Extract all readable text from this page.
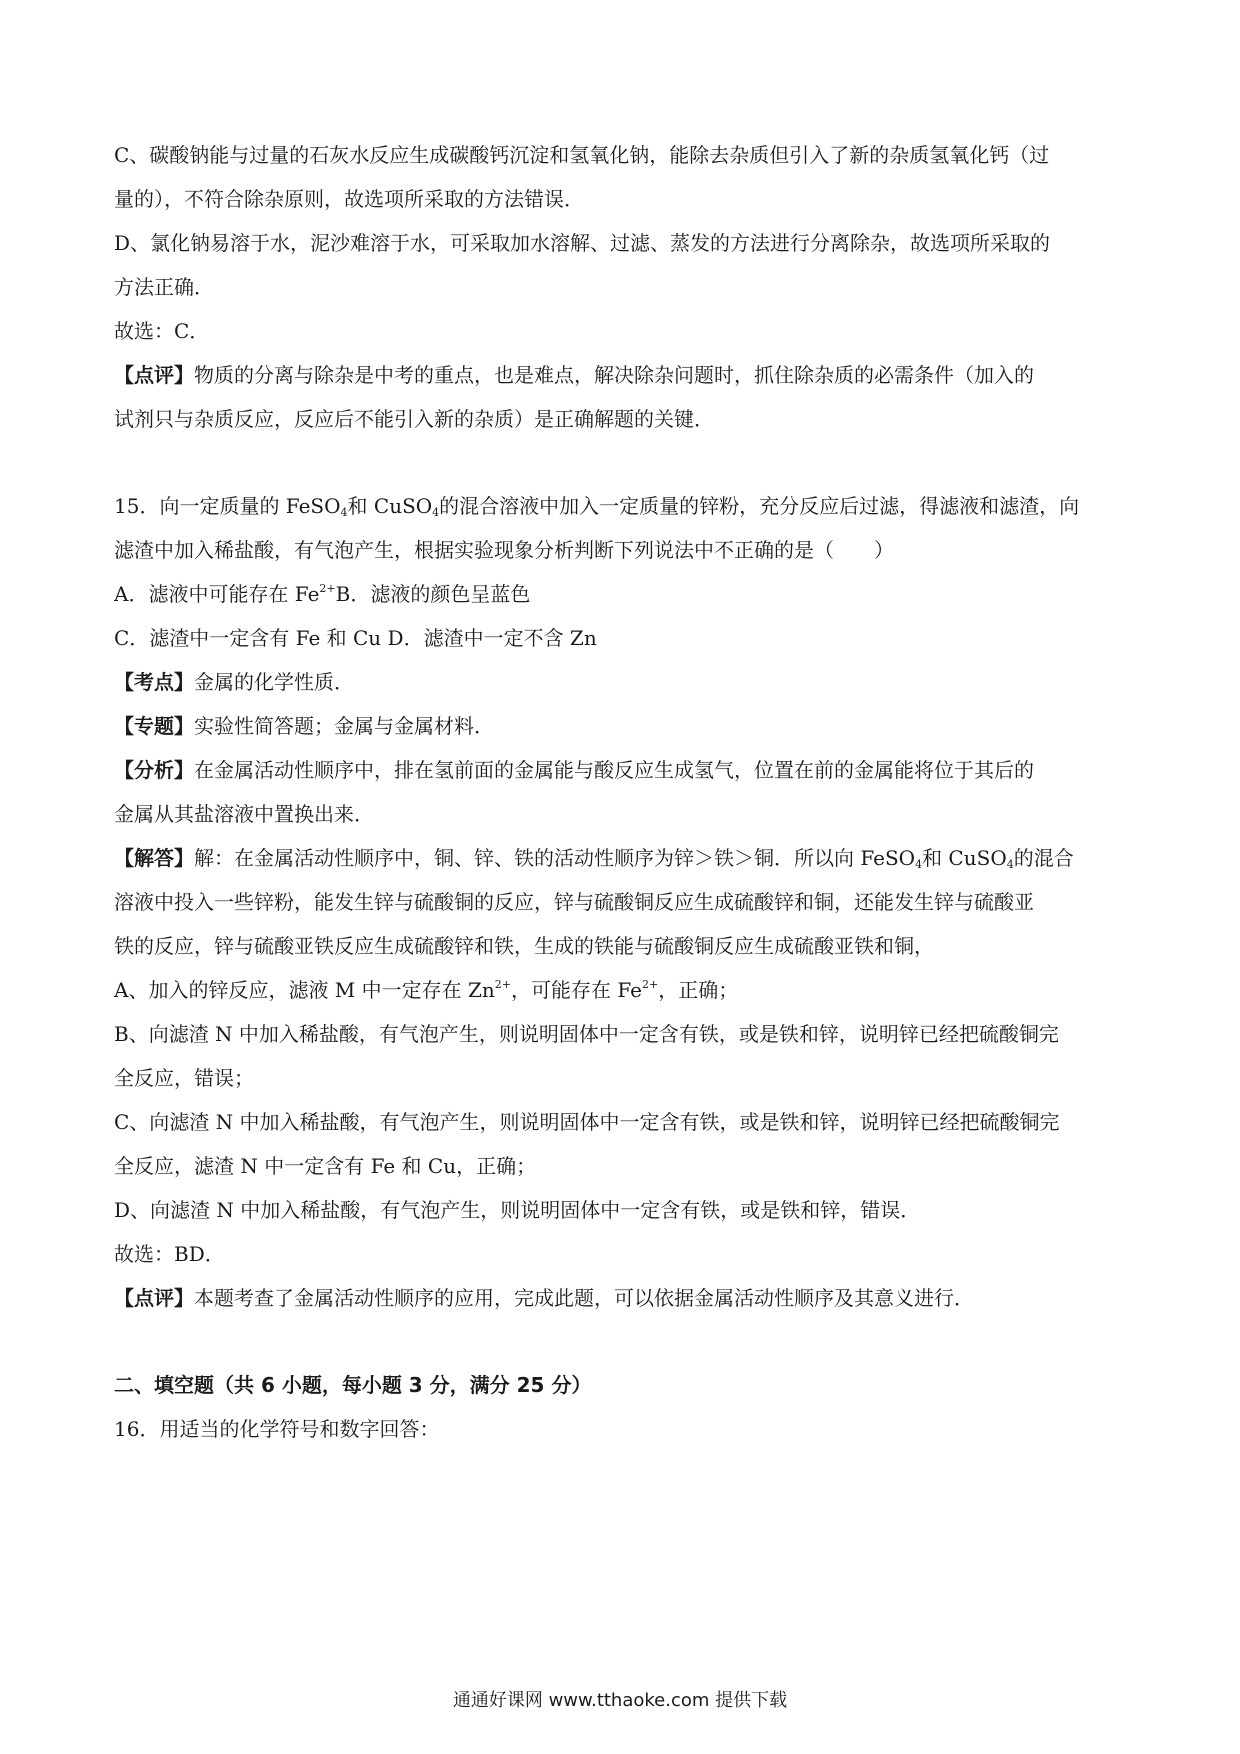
C、碳酸钠能与过量的石灰水反应生成碳酸钙沉淀和氢氧化钠，能除去杂质但引入了新的杂质氢氧化钙（过
量的），不符合除杂原则，故选项所采取的方法错误．
D、氯化钠易溶于水，泥沙难溶于水，可采取加水溶解、过滤、蒸发的方法进行分离除杂，故选项所采取的
方法正确．
故选：C．
【点评】物质的分离与除杂是中考的重点，也是难点，解决除杂问题时，抓住除杂质的必需条件（加入的
试剂只与杂质反应，反应后不能引入新的杂质）是正确解题的关键．
15．向一定质量的 FeSO$_4$和 CuSO$_4$的混合溶液中加入一定质量的锌粉，充分反应后过滤，得滤液和滤渣，向
滤渣中加入稀盐酸，有气泡产生，根据实验现象分析判断下列说法中不正确的是（　　）
A．滤液中可能存在 $Fe^{2+}B$．滤液的颜色呈蓝色
C．滤渣中一定含有 Fe 和 Cu D．滤渣中一定不含 Zn
【考点】金属的化学性质．
【专题】实验性简答题；金属与金属材料．
【分析】在金属活动性顺序中，排在氢前面的金属能与酸反应生成氢气，位置在前的金属能将位于其后的
金属从其盐溶液中置换出来．
【解答】解：在金属活动性顺序中，铜、锌、铁的活动性顺序为锌＞铁＞铜．所以向 FeSO$_4$和 CuSO$_4$的混合
溶液中投入一些锌粉，能发生锌与硫酸铜的反应，锌与硫酸铜反应生成硫酸锌和铜，还能发生锌与硫酸亚
铁的反应，锌与硫酸亚铁反应生成硫酸锌和铁，生成的铁能与硫酸铜反应生成硫酸亚铁和铜，
A、加入的锌反应，滤液 M 中一定存在 $Zn^{2+}$，可能存在 $Fe^{2+}$，正确；
B、向滤渣 N 中加入稀盐酸，有气泡产生，则说明固体中一定含有铁，或是铁和锌，说明锌已经把硫酸铜完
全反应，错误；
C、向滤渣 N 中加入稀盐酸，有气泡产生，则说明固体中一定含有铁，或是铁和锌，说明锌已经把硫酸铜完
全反应，滤渣 N 中一定含有 Fe 和 Cu，正确；
D、向滤渣 N 中加入稀盐酸，有气泡产生，则说明固体中一定含有铁，或是铁和锌，错误．
故选：BD．
【点评】本题考查了金属活动性顺序的应用，完成此题，可以依据金属活动性顺序及其意义进行．
二、填空题（共 6 小题，每小题 3 分，满分 25 分）
16．用适当的化学符号和数字回答：
通通好课网 www.tthaoke.com 提供下载
